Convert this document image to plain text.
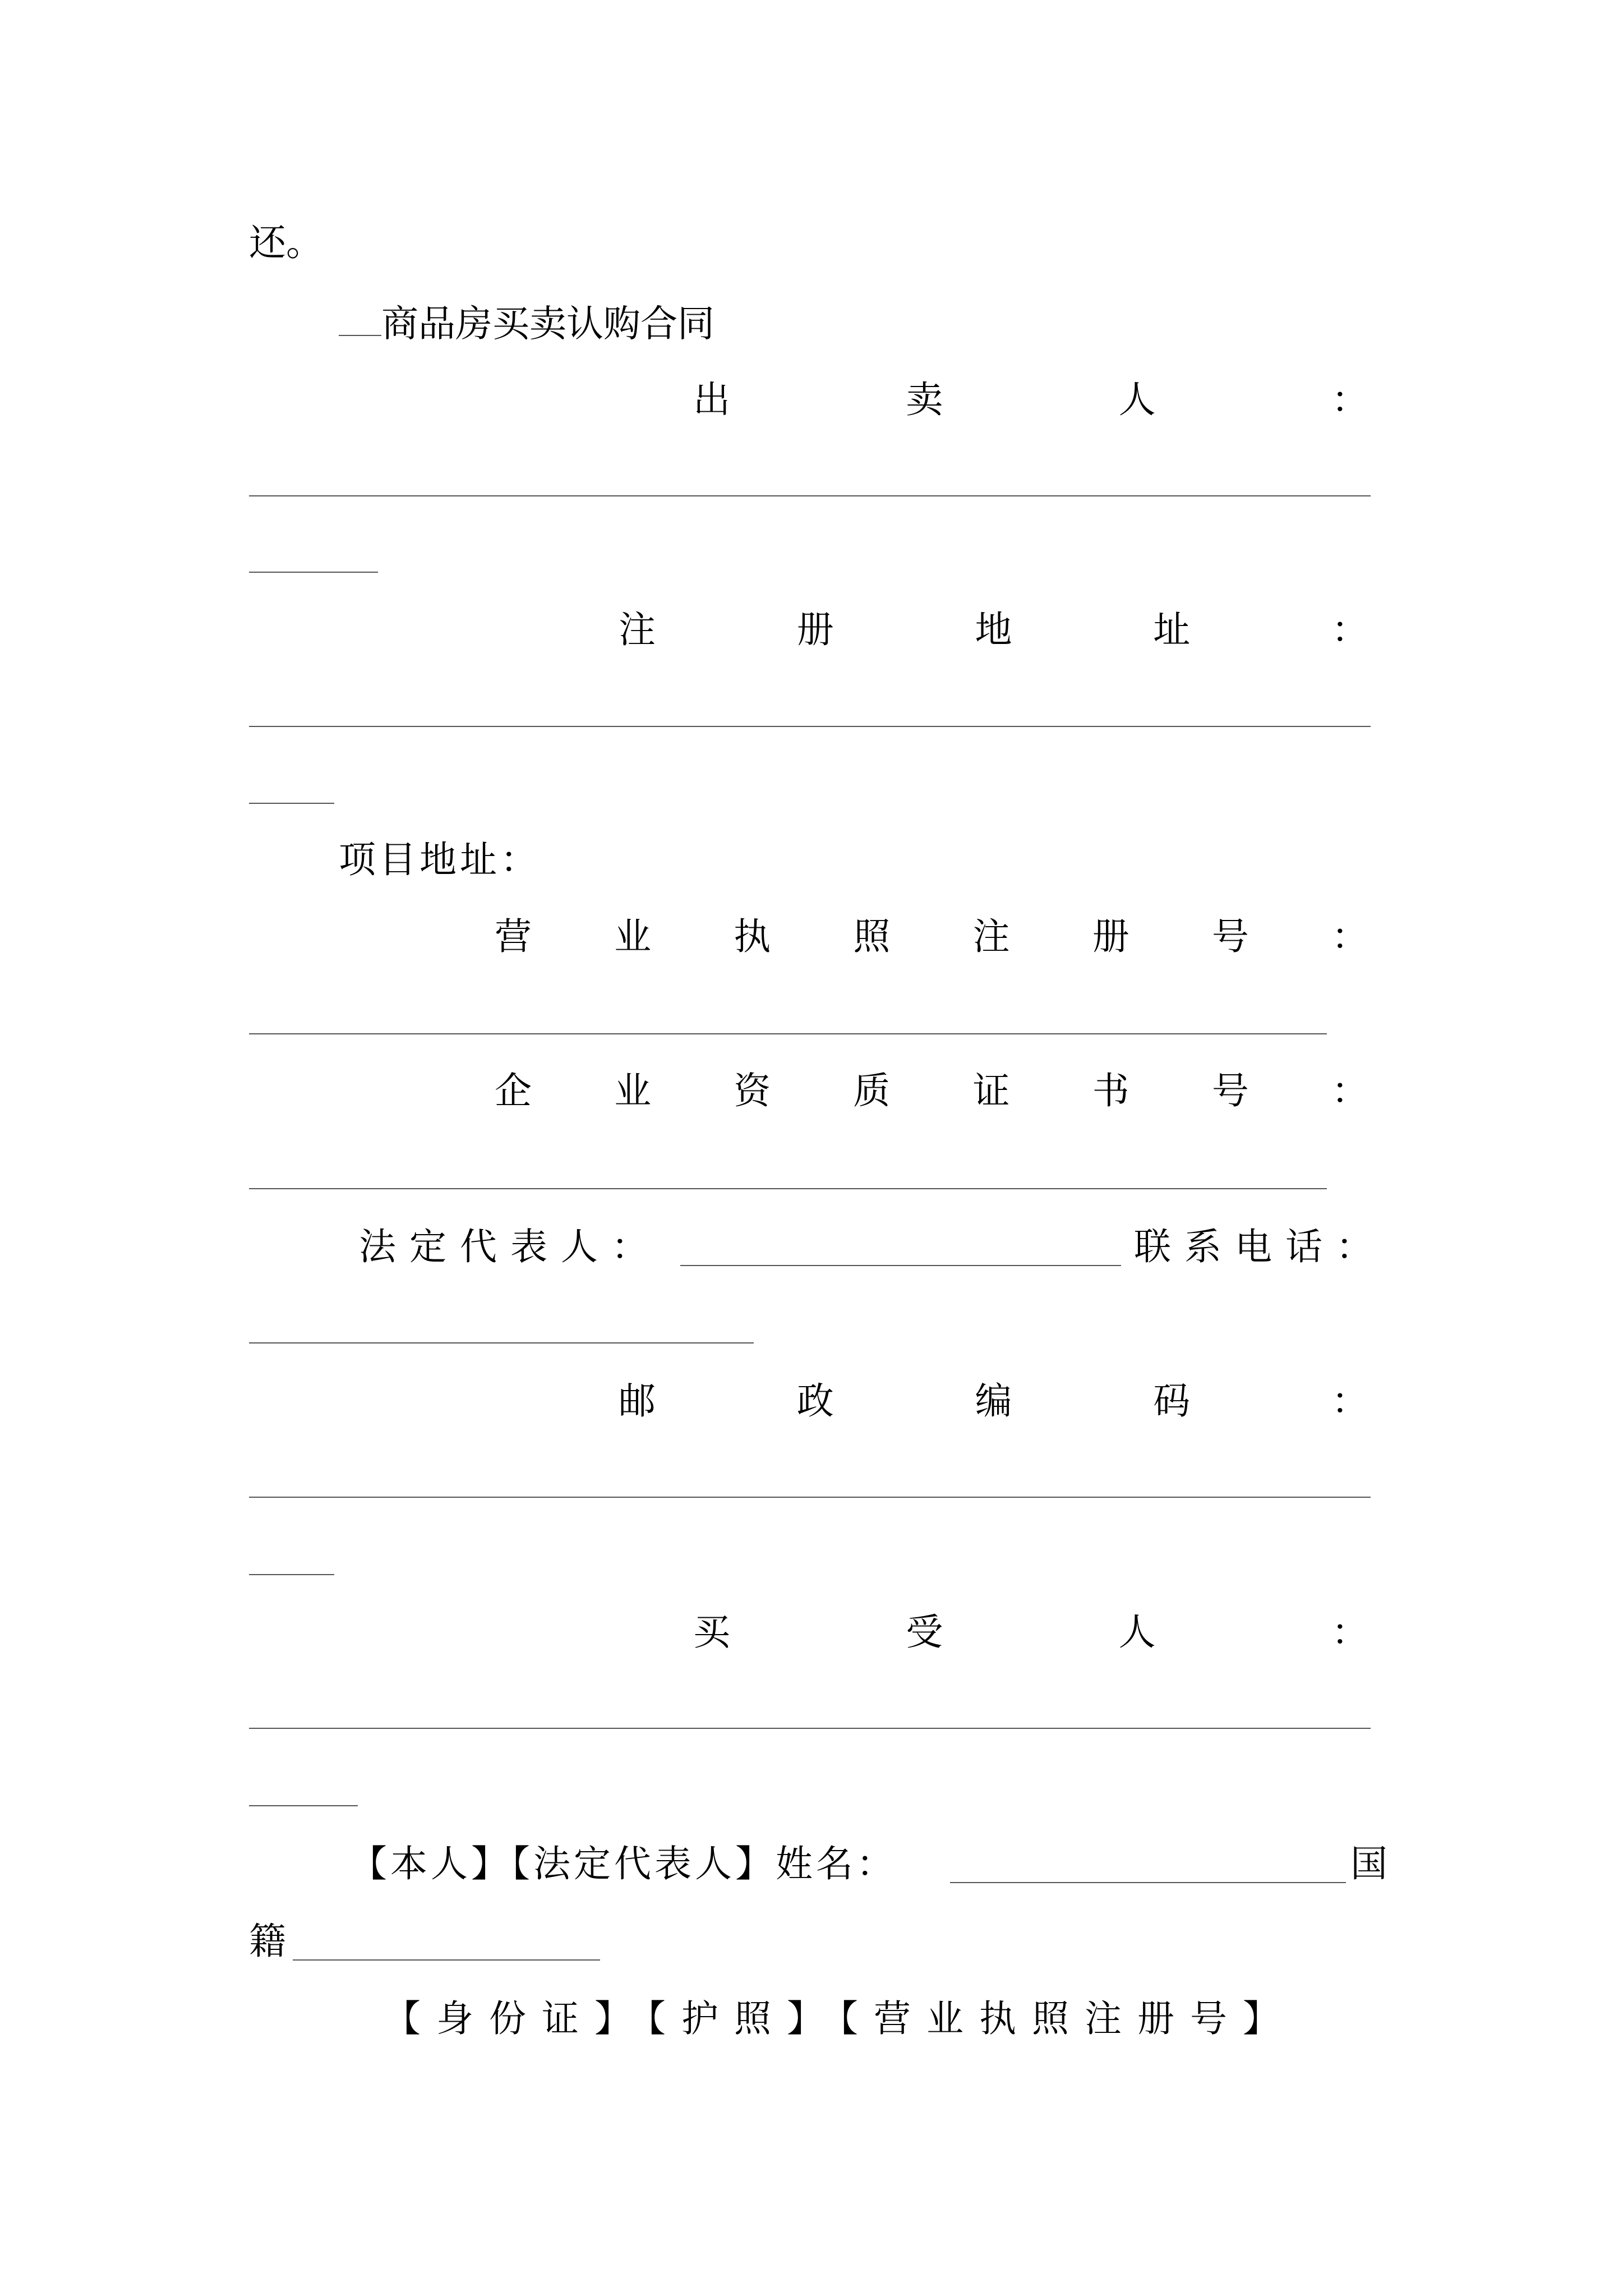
还。
商品房买卖认购合同
出	卖	人	：
注	册	地	址	：
项目地址：
营 业 执 照 注 册 号 ：
企 业 资 质 证 书 号 ：
法定代表人：	联系电话：
邮	政	编	码	：
买	受	人	：
【本人】【法定代表人】姓名：	国
籍
【身份证】【护照】【营业执照注册号】
